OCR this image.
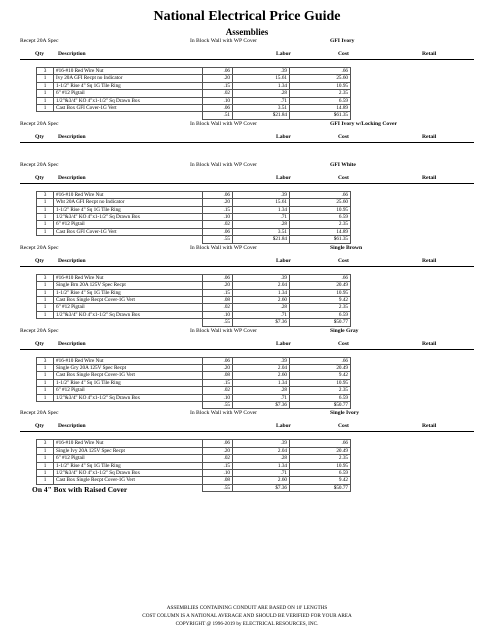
National Electrical Price Guide
Assemblies
Recept 20A Spec	In Block Wall with WP Cover	GFI Ivory
Qty Description	Labor	Cost	Retail
3	#16-#10 Red Wire Nut	.06	.39	.66
1	Ivy 20A GFI Recpt no Indicator	.20	15.61	25.60
1	1-1/2" Rise 4" Sq 1G Tile Ring	.15	1.34	10.95
1	6" #12 Pigtail	.02	.28	2.35
1	1/2"&3/4" KO 4"x1-1/2" Sq Drawn Box	.10	.71	6.59
1	Cast Box GFI Cover-1G Vert	.06	3.51	14.89
		.51	$21.84	$61.35
Recept 20A Spec	In Block Wall with WP Cover	GFI Ivory w/Locking Cover
Qty Description	Labor	Cost	Retail
Recept 20A Spec	In Block Wall with WP Cover	GFI White
Qty Description	Labor	Cost	Retail
3	#16-#10 Red Wire Nut	.06	.39	.66
1	Wht 20A GFI Recpt no Indicator	.20	15.61	25.60
1	1-1/2" Rise 4" Sq 1G Tile Ring	.15	1.34	10.95
1	1/2"&3/4" KO 4"x1-1/2" Sq Drawn Box	.10	.71	6.59
1	6" #12 Pigtail	.02	.28	2.35
1	Cast Box GFI Cover-1G Vert	.06	3.51	14.89
		.55	$21.84	$61.35
Recept 20A Spec	In Block Wall with WP Cover	Single Brown
Qty Description	Labor	Cost	Retail
3	#16-#10 Red Wire Nut	.06	.39	.66
1	Single Brn 20A 125V Spec Recpt	.20	2.04	20.49
1	1-1/2" Rise 4" Sq 1G Tile Ring	.15	1.34	10.95
1	Cast Box Single Recpt Cover-1G Vert	.08	2.60	9.42
1	6" #12 Pigtail	.02	.28	2.35
1	1/2"&3/4" KO 4"x1-1/2" Sq Drawn Box	.10	.71	6.59
		.55	$7.36	$50.77
Recept 20A Spec	In Block Wall with WP Cover	Single Gray
Qty Description	Labor	Cost	Retail
3	#16-#10 Red Wire Nut	.06	.39	.66
1	Single Gry 20A 125V Spec Recpt	.20	2.04	20.49
1	Cast Box Single Recpt Cover-1G Vert	.08	2.60	9.42
1	1-1/2" Rise 4" Sq 1G Tile Ring	.15	1.34	10.95
1	6" #12 Pigtail	.02	.28	2.35
1	1/2"&3/4" KO 4"x1-1/2" Sq Drawn Box	.10	.71	6.59
		.55	$7.36	$50.77
Recept 20A Spec	In Block Wall with WP Cover	Single Ivory
Qty Description	Labor	Cost	Retail
3	#16-#10 Red Wire Nut	.06	.39	.66
1	Single Ivy 20A 125V Spec Recpt	.20	2.04	20.49
1	6" #12 Pigtail	.02	.28	2.35
1	1-1/2" Rise 4" Sq 1G Tile Ring	.15	1.34	10.95
1	1/2"&3/4" KO 4"x1-1/2" Sq Drawn Box	.10	.71	6.59
1	Cast Box Single Recpt Cover-1G Vert	.08	2.60	9.42
		.55	$7.36	$50.77
On 4" Box with Raised Cover
ASSEMBLIES CONTAINING CONDUIT ARE BASED ON 10' LENGTHS
COST COLUMN IS A NATIONAL AVERAGE AND SHOULD BE VERIFIED FOR YOUR AREA
COPYRIGHT @ 1996-2019 by ELECTRICAL RESOURCES, INC.
